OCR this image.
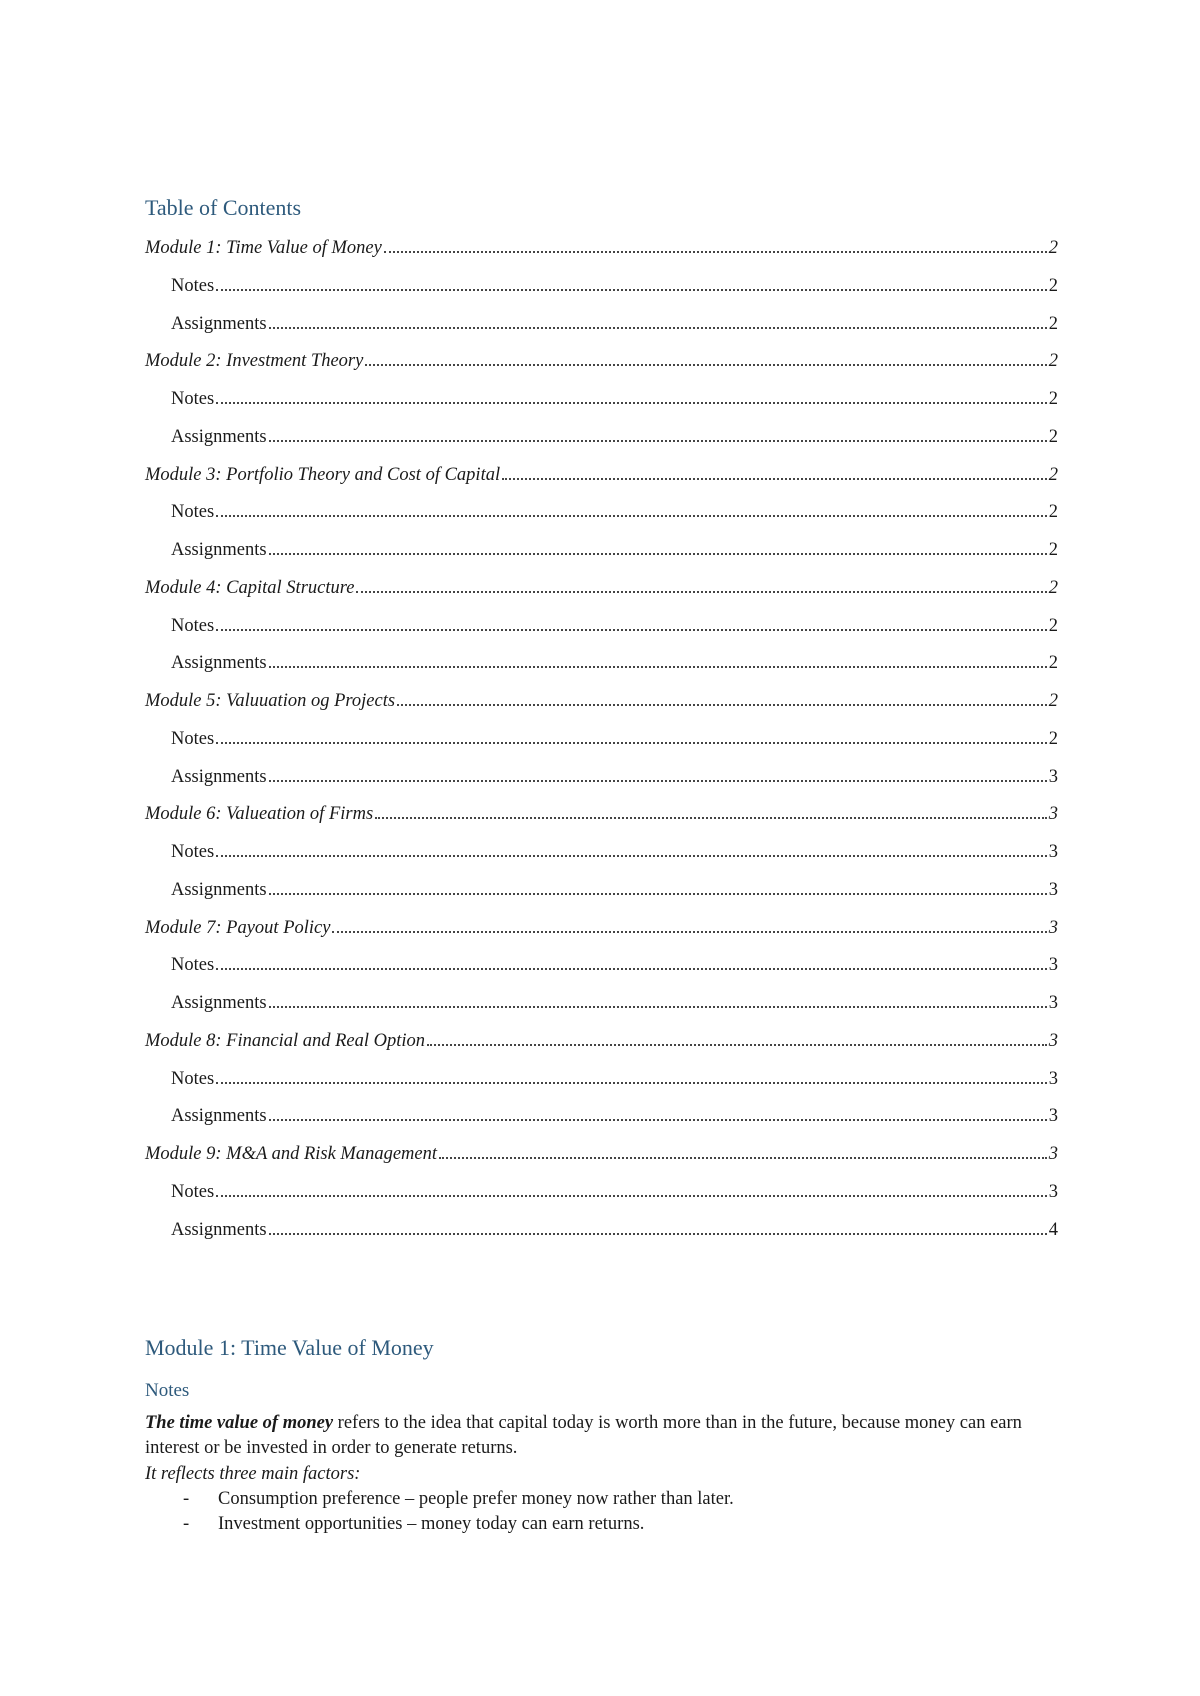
Table of Contents
Module 1: Time Value of Money	2
Notes	2
Assignments	2
Module 2: Investment Theory	2
Notes	2
Assignments	2
Module 3: Portfolio Theory and Cost of Capital	2
Notes	2
Assignments	2
Module 4: Capital Structure	2
Notes	2
Assignments	2
Module 5: Valuuation og Projects	2
Notes	2
Assignments	3
Module 6: Valueation of Firms	3
Notes	3
Assignments	3
Module 7: Payout Policy	3
Notes	3
Assignments	3
Module 8: Financial and Real Option	3
Notes	3
Assignments	3
Module 9: M&A and Risk Management	3
Notes	3
Assignments	4
Module 1: Time Value of Money
Notes
The time value of money refers to the idea that capital today is worth more than in the future, because money can earn interest or be invested in order to generate returns.
It reflects three main factors:
-	Consumption preference – people prefer money now rather than later.
-	Investment opportunities – money today can earn returns.
